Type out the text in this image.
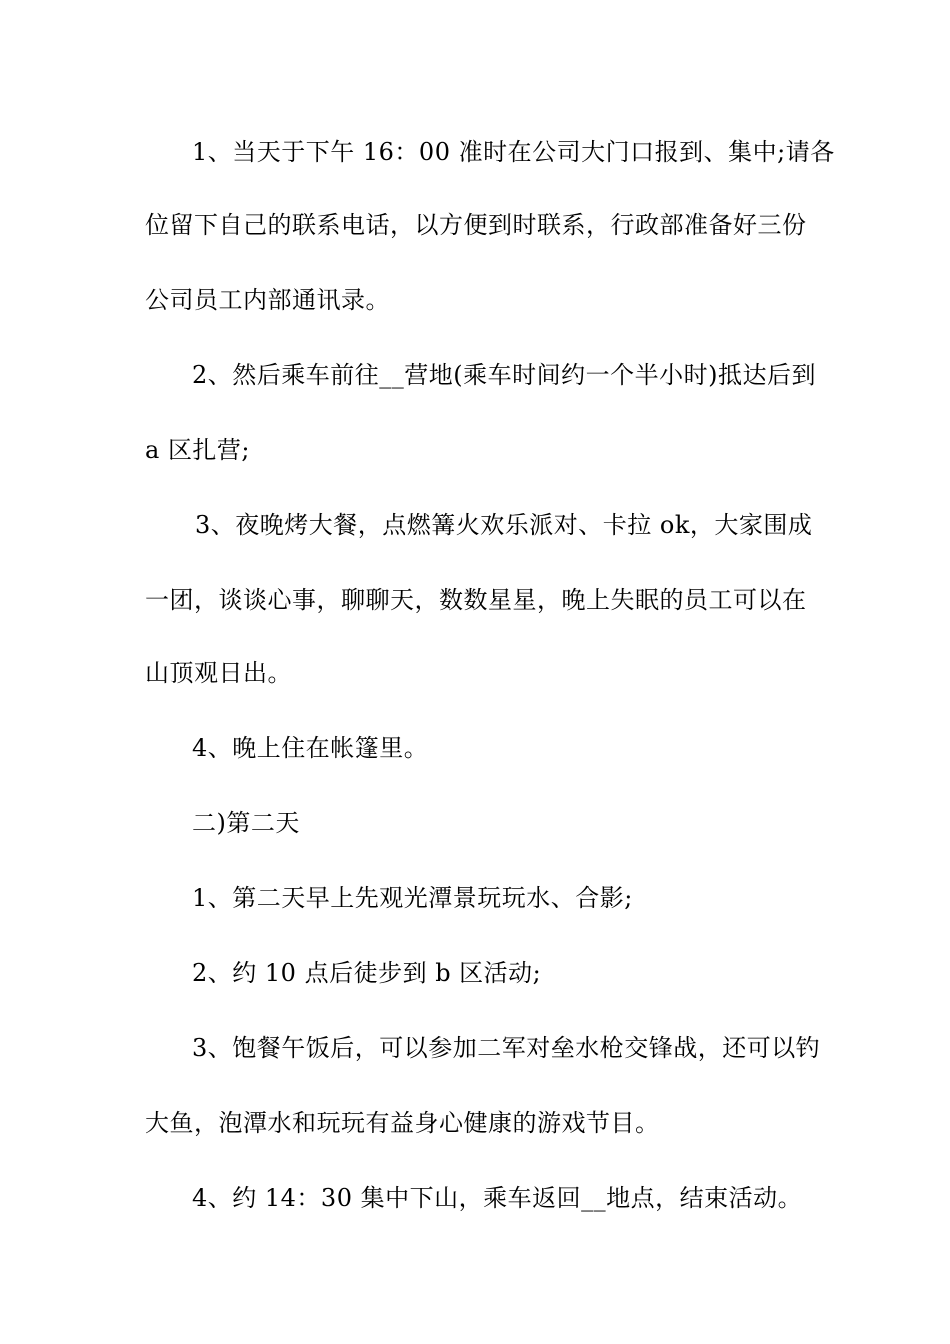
1、当天于下午 16：00 准时在公司大门口报到、集中;请各
位留下自己的联系电话，以方便到时联系，行政部准备好三份
公司员工内部通讯录。
2、然后乘车前往__营地(乘车时间约一个半小时)抵达后到
a 区扎营;
3、夜晚烤大餐，点燃篝火欢乐派对、卡拉 ok，大家围成
一团，谈谈心事，聊聊天，数数星星，晚上失眠的员工可以在
山顶观日出。
4、晚上住在帐篷里。
二)第二天
1、第二天早上先观光潭景玩玩水、合影;
2、约 10 点后徒步到 b 区活动;
3、饱餐午饭后，可以参加二军对垒水枪交锋战，还可以钓
大鱼，泡潭水和玩玩有益身心健康的游戏节目。
4、约 14：30 集中下山，乘车返回__地点，结束活动。
